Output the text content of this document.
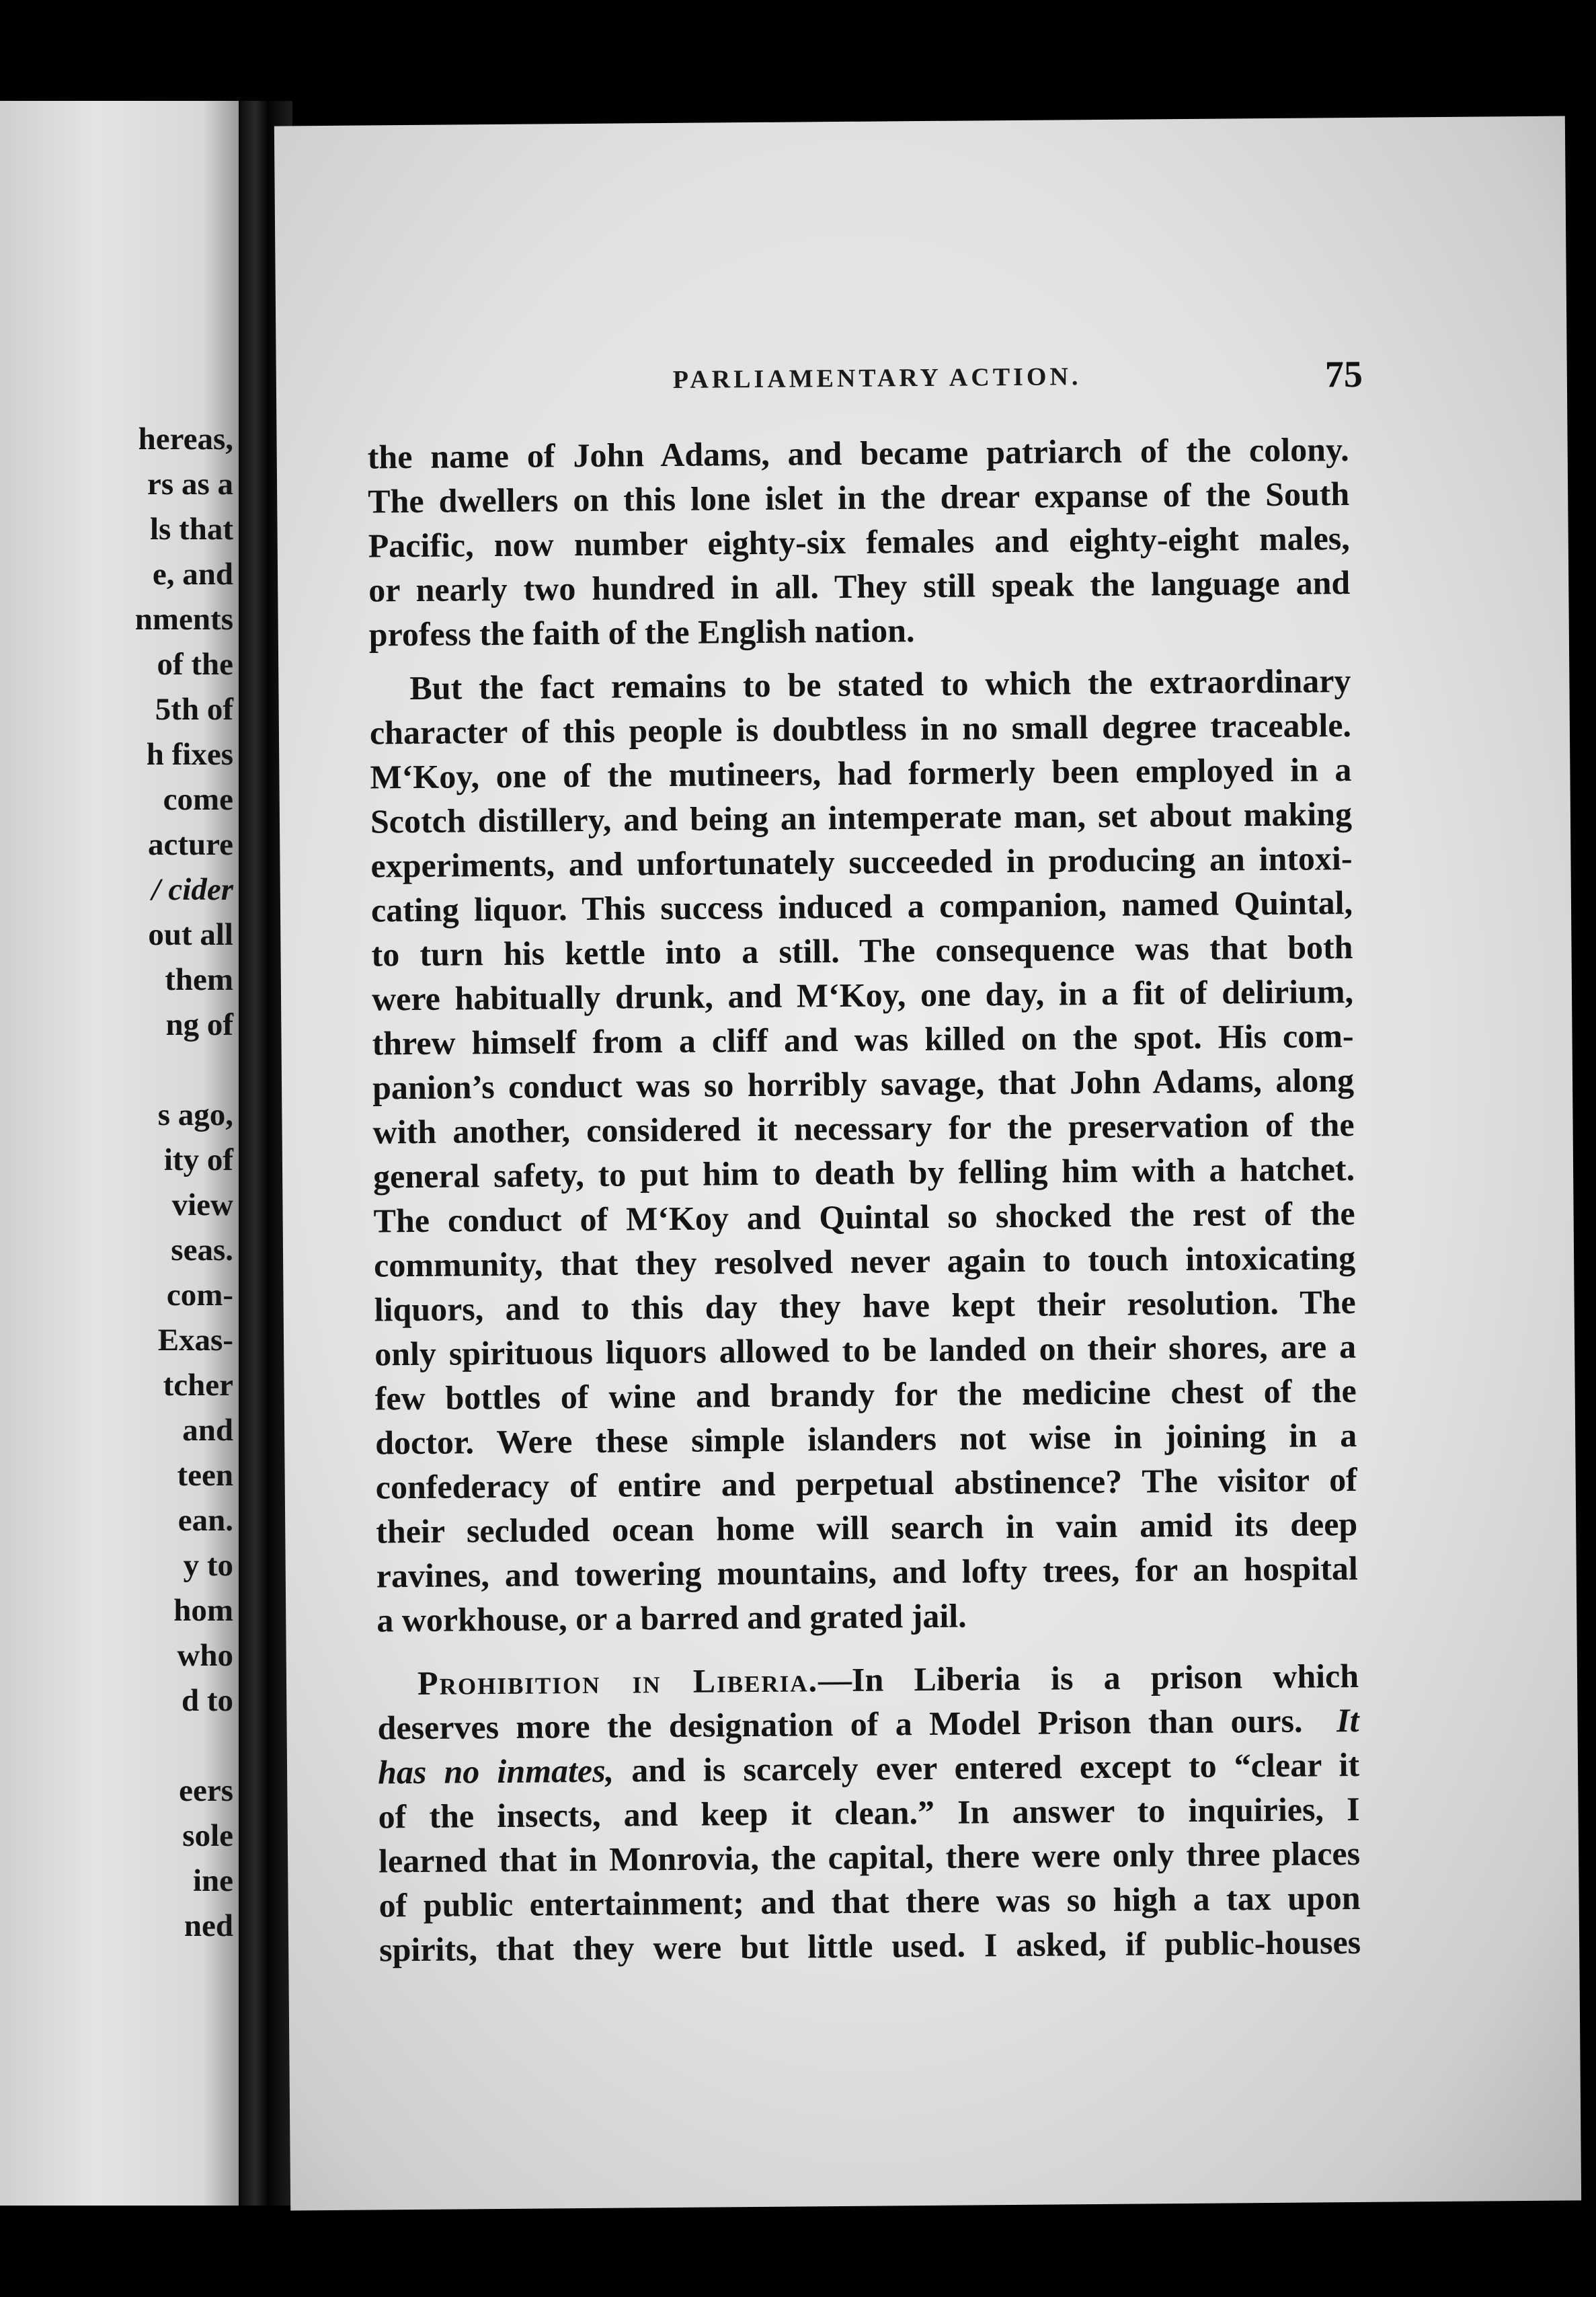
hereas,
rs as a
ls that
e, and
nments
of the
5th of
h fixes
come
acture
/ cider
out all
them
ng of
s ago,
ity of
view
seas.
com-
Exas-
tcher
and
teen
ean.
y to
hom
who
d to
eers
sole
ine
ned
PARLIAMENTARY ACTION.	75
the name of John Adams, and became patriarch of the colony.
The dwellers on this lone islet in the drear expanse of the South
Pacific, now number eighty-six females and eighty-eight males,
or nearly two hundred in all. They still speak the language and
profess the faith of the English nation.
But the fact remains to be stated to which the extraordinary
character of this people is doubtless in no small degree traceable.
M‘Koy, one of the mutineers, had formerly been employed in a
Scotch distillery, and being an intemperate man, set about making
experiments, and unfortunately succeeded in producing an intoxi-
cating liquor. This success induced a companion, named Quintal,
to turn his kettle into a still. The consequence was that both
were habitually drunk, and M‘Koy, one day, in a fit of delirium,
threw himself from a cliff and was killed on the spot. His com-
panion’s conduct was so horribly savage, that John Adams, along
with another, considered it necessary for the preservation of the
general safety, to put him to death by felling him with a hatchet.
The conduct of M‘Koy and Quintal so shocked the rest of the
community, that they resolved never again to touch intoxicating
liquors, and to this day they have kept their resolution. The
only spirituous liquors allowed to be landed on their shores, are a
few bottles of wine and brandy for the medicine chest of the
doctor. Were these simple islanders not wise in joining in a
confederacy of entire and perpetual abstinence? The visitor of
their secluded ocean home will search in vain amid its deep
ravines, and towering mountains, and lofty trees, for an hospital
a workhouse, or a barred and grated jail.
Prohibition in Liberia.—In Liberia is a prison which
deserves more the designation of a Model Prison than ours. It
has no inmates, and is scarcely ever entered except to “clear it
of the insects, and keep it clean.” In answer to inquiries, I
learned that in Monrovia, the capital, there were only three places
of public entertainment; and that there was so high a tax upon
spirits, that they were but little used. I asked, if public-houses
